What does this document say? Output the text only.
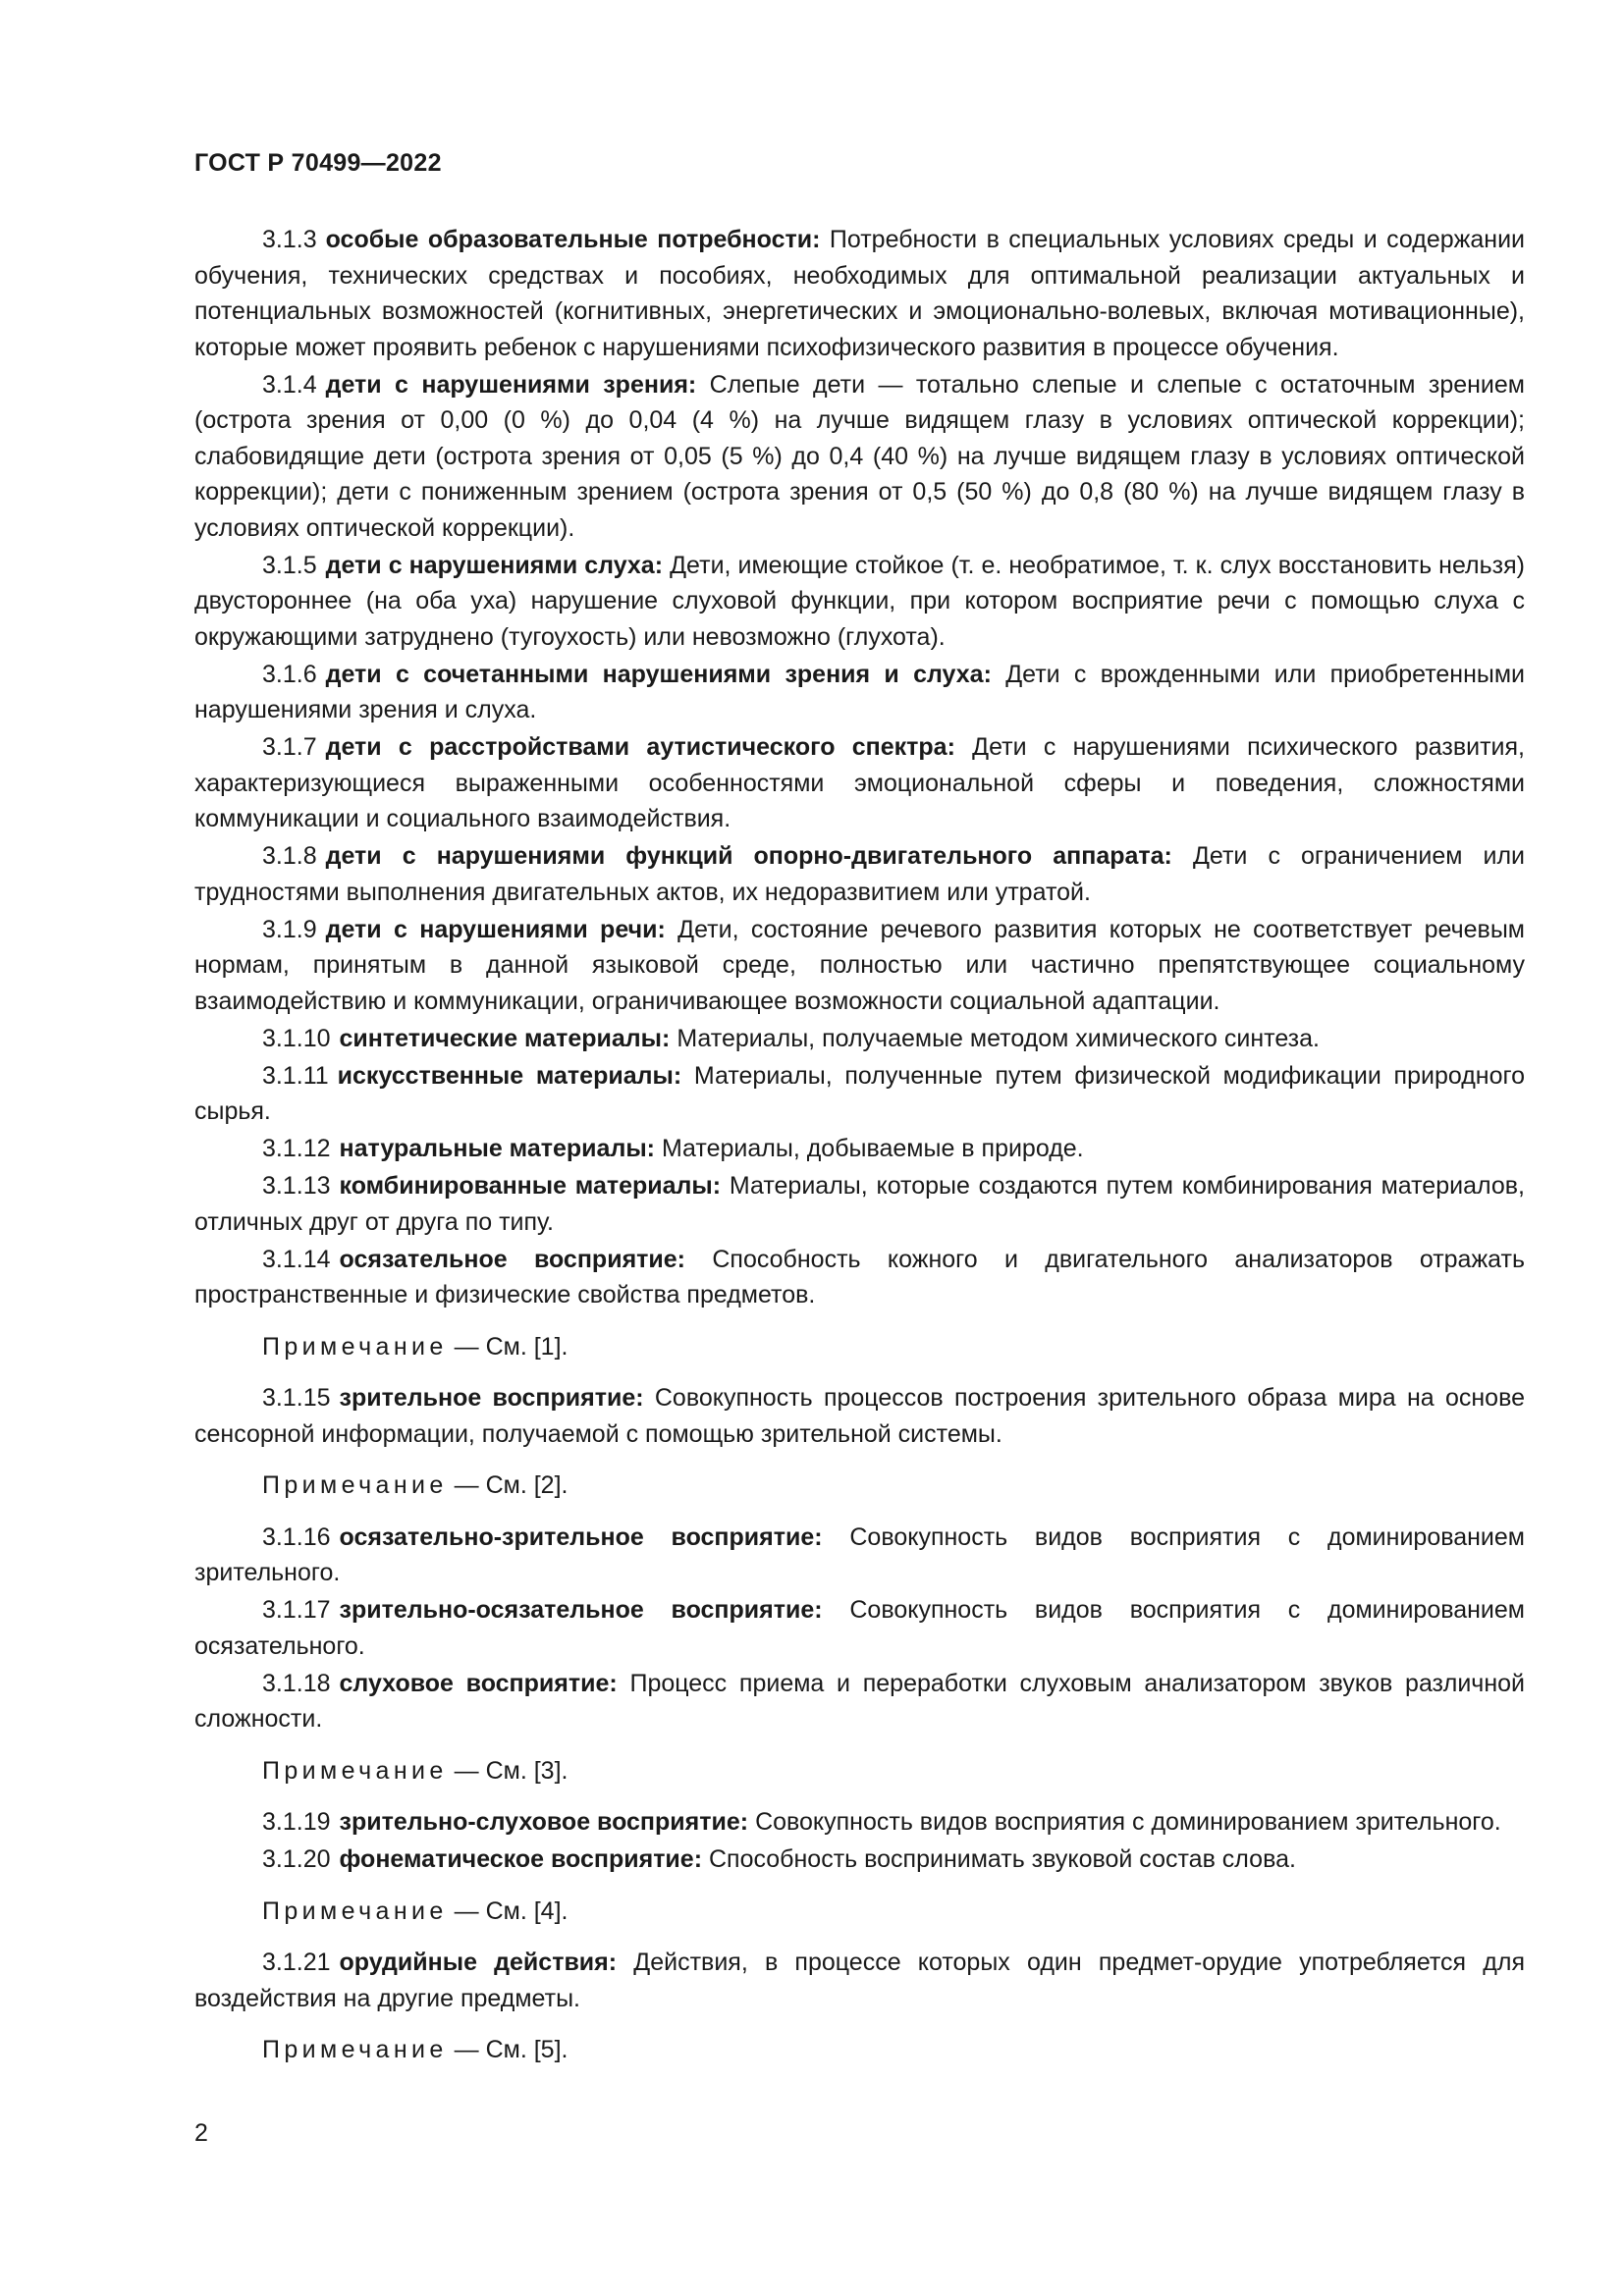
ГОСТ Р 70499—2022

3.1.3 особые образовательные потребности: Потребности в специальных условиях среды и содержании обучения, технических средствах и пособиях, необходимых для оптимальной реализации актуальных и потенциальных возможностей (когнитивных, энергетических и эмоционально-волевых, включая мотивационные), которые может проявить ребенок с нарушениями психофизического развития в процессе обучения.

3.1.4 дети с нарушениями зрения: Слепые дети — тотально слепые и слепые с остаточным зрением (острота зрения от 0,00 (0 %) до 0,04 (4 %) на лучше видящем глазу в условиях оптической коррекции); слабовидящие дети (острота зрения от 0,05 (5 %) до 0,4 (40 %) на лучше видящем глазу в условиях оптической коррекции); дети с пониженным зрением (острота зрения от 0,5 (50 %) до 0,8 (80 %) на лучше видящем глазу в условиях оптической коррекции).

3.1.5 дети с нарушениями слуха: Дети, имеющие стойкое (т. е. необратимое, т. к. слух восстановить нельзя) двустороннее (на оба уха) нарушение слуховой функции, при котором восприятие речи с помощью слуха с окружающими затруднено (тугоухость) или невозможно (глухота).

3.1.6 дети с сочетанными нарушениями зрения и слуха: Дети с врожденными или приобретенными нарушениями зрения и слуха.

3.1.7 дети с расстройствами аутистического спектра: Дети с нарушениями психического развития, характеризующиеся выраженными особенностями эмоциональной сферы и поведения, сложностями коммуникации и социального взаимодействия.

3.1.8 дети с нарушениями функций опорно-двигательного аппарата: Дети с ограничением или трудностями выполнения двигательных актов, их недоразвитием или утратой.

3.1.9 дети с нарушениями речи: Дети, состояние речевого развития которых не соответствует речевым нормам, принятым в данной языковой среде, полностью или частично препятствующее социальному взаимодействию и коммуникации, ограничивающее возможности социальной адаптации.

3.1.10 синтетические материалы: Материалы, получаемые методом химического синтеза.

3.1.11 искусственные материалы: Материалы, полученные путем физической модификации природного сырья.

3.1.12 натуральные материалы: Материалы, добываемые в природе.

3.1.13 комбинированные материалы: Материалы, которые создаются путем комбинирования материалов, отличных друг от друга по типу.

3.1.14 осязательное восприятие: Способность кожного и двигательного анализаторов отражать пространственные и физические свойства предметов.

Примечание — См. [1].

3.1.15 зрительное восприятие: Совокупность процессов построения зрительного образа мира на основе сенсорной информации, получаемой с помощью зрительной системы.

Примечание — См. [2].

3.1.16 осязательно-зрительное восприятие: Совокупность видов восприятия с доминированием зрительного.

3.1.17 зрительно-осязательное восприятие: Совокупность видов восприятия с доминированием осязательного.

3.1.18 слуховое восприятие: Процесс приема и переработки слуховым анализатором звуков различной сложности.

Примечание — См. [3].

3.1.19 зрительно-слуховое восприятие: Совокупность видов восприятия с доминированием зрительного.

3.1.20 фонематическое восприятие: Способность воспринимать звуковой состав слова.

Примечание — См. [4].

3.1.21 орудийные действия: Действия, в процессе которых один предмет-орудие употребляется для воздействия на другие предметы.

Примечание — См. [5].

2
